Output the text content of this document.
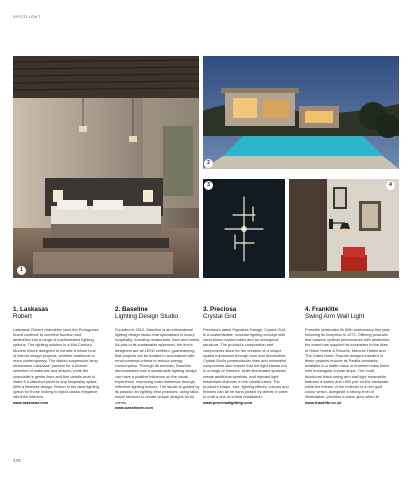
SPOTLIGHT
1
2
3	4
1. Laskasas
Robert
Laskasas' Robert chandelier sees the Portuguese brand continue to combine function and aesthetics into a range of sophisticated lighting options. The lighting solution is a Mid-Century Modern fixture designed to elevate a whole host of interior design projects, whether traditional or more contemporary. The district suspension lamp showcases Laskasas' passion for a diverse selection of materials and shapes, while the chandelier's gentle lines and fine details work to make it a standout piece in any hospitality space. With a timeless design, Robert is the ideal lighting option for those looking to inject classic elegance into their interiors.
www.laskasas.com
2. Baseline
Lighting Design Studio
Founded in 2012, Baseline is an international lighting design studio that specialises in luxury hospitality, including restaurants, bars and hotels. As part of its sustainable approach, the firm's designers are all LEED certified, guaranteeing that projects will be treated in accordance with environmental criteria to reduce energy consumption. Through its services, Baseline demonstrates how a sustainable lighting design can have a positive influence on the visual experience, improving hotel ambience through reflective lighting scenes. The studio is guided by its passion for lighting best practices, using tailor-made services to create unique designs for its clients.
www.baselinelx.com
3. Preciosa
Crystal Grid
Preciosa's latest Signature Design, Crystal Grid, is a customisable, modular lighting concept with hand-blown crystal tubes and an orthogonal structure. The product's composition and components allow for the creation of a unique spatial impression through form and illumination. Crystal Grid's perpendicular lines and minimalist components also ensure that the light stands out in a range of interiors, while illuminated sparkles, create additional sparkles, and injected light maximises shimmer in the crystal tubes. The product's shape, size, lighting effects, colours and finishes can all be hand-picked by clients in order to craft a one-of-a-kind installation.
www.preciosalighting.com
4. Franklite
Swing Arm Wall Light
Franklite celebrates its 50th anniversary this year, following its inception in 1972. Offering products that balance optimal performance with aesthetics, the brand has supplied its luminaires to the likes of Hilton Hotels & Resorts, Mercure Hotels and The Gates Hotel. Popular designs installed in these projects include its Pacifia pendants, available in a matte black or brushed brass finish with rectangular crystal drops. The multi-functional black swing arm wall light meanwhile features a switch and USB port on the backplate, while the interior of the reflector is a rich gold colour which, alongside a strong level of illumination, provides a warm glow when lit.
www.franklite.co.uk
170
